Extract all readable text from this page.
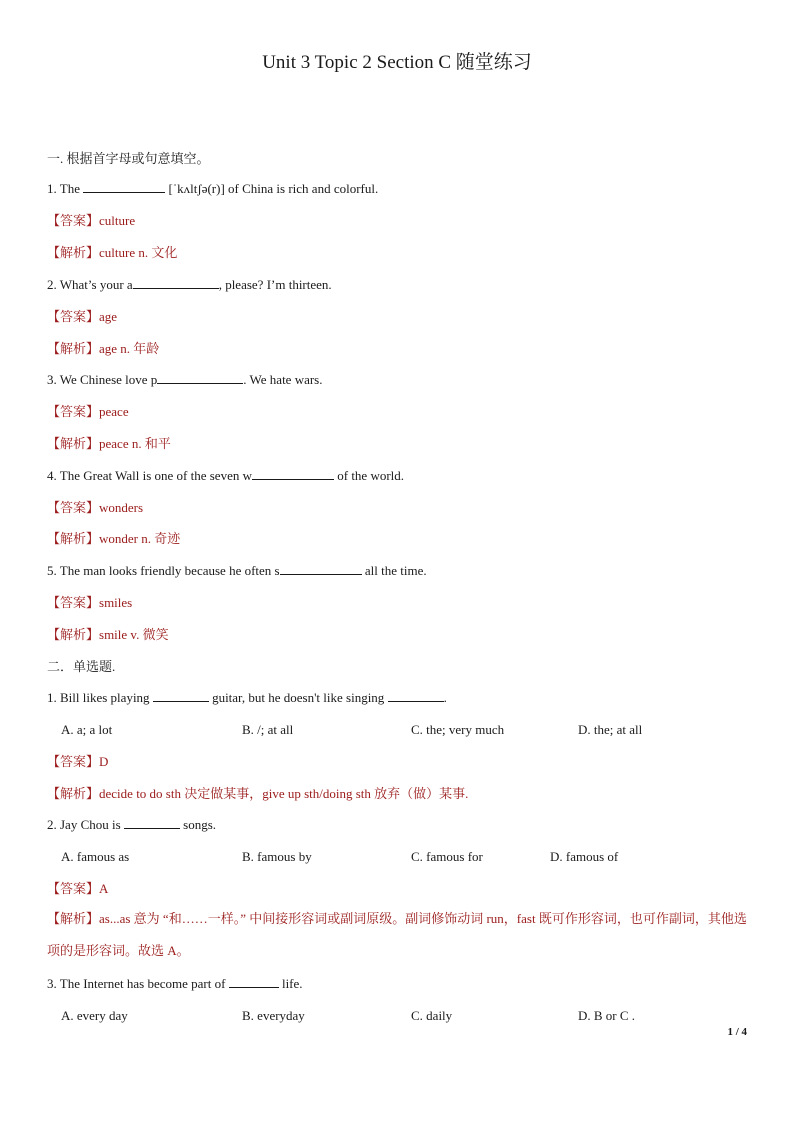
Unit 3 Topic 2 Section C 随堂练习
一. 根据首字母或句意填空。
1. The	[ˈkʌltʃə(r)] of China is rich and colorful.
【答案】culture
【解析】culture n. 文化
2. What’s your a	, please? I’m thirteen.
【答案】age
【解析】age n. 年龄
3. We Chinese love p	. We hate wars.
【答案】peace
【解析】peace n. 和平
4. The Great Wall is one of the seven w	of the world.
【答案】wonders
【解析】wonder n. 奇迹
5. The man looks friendly because he often s	all the time.
【答案】smiles
【解析】smile v. 微笑
二．单选题.
1. Bill likes playing	guitar, but he doesn't like singing	.
A. a; a lot	B. /; at all	C. the; very much	D. the; at all
【答案】D
【解析】decide to do sth 决定做某事，give up sth/doing sth 放弃（做）某事.
2. Jay Chou is	songs.
A. famous as	B. famous by	C. famous for	D. famous of
【答案】A
【解析】as...as 意为 “和……一样。” 中间接形容词或副词原级。副词修饰动词 run，fast 既可作形容词，也可作副词，其他选项的是形容词。故选 A。
3. The Internet has become part of	life.
A. every day	B. everyday	C. daily	D. B or C .
1 / 4
